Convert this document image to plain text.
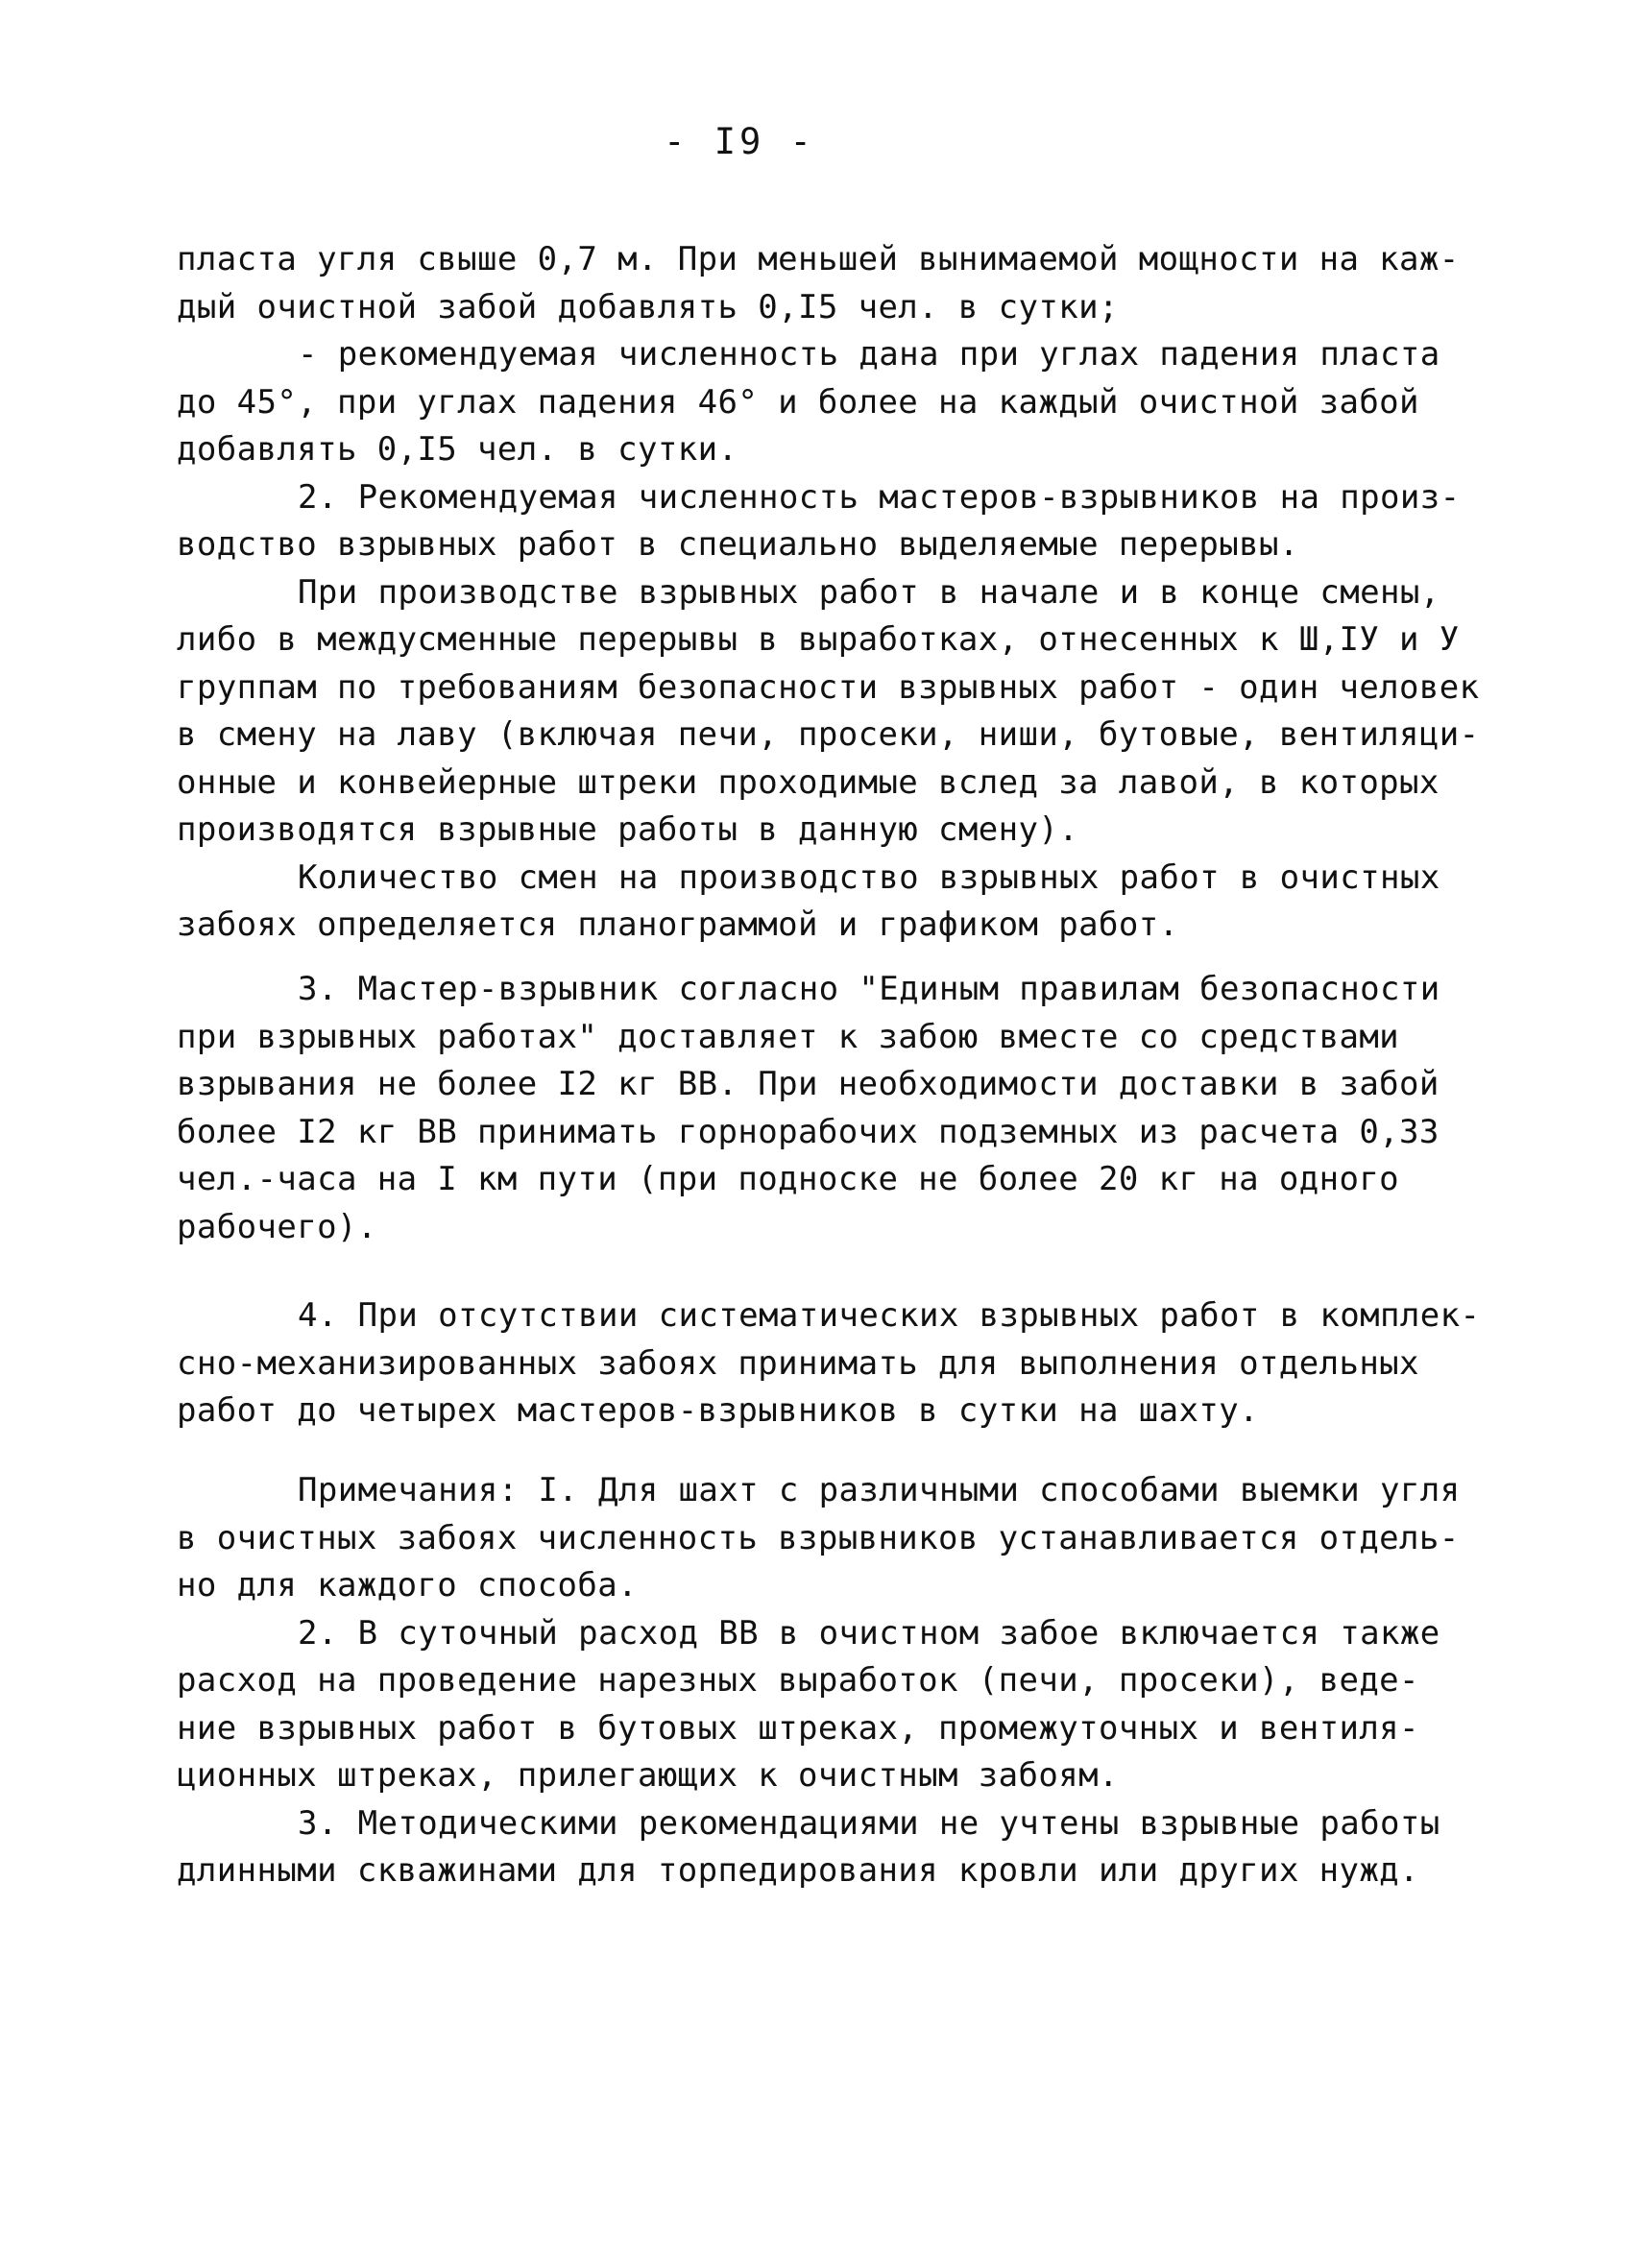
- I9 -
пласта угля свыше 0,7 м. При меньшей вынимаемой мощности на каж-
дый очистной забой добавлять 0,I5 чел. в сутки;
- рекомендуемая численность дана при углах падения пласта
до 45°, при углах падения 46° и более на каждый очистной забой
добавлять 0,I5 чел. в сутки.
2. Рекомендуемая численность мастеров-взрывников на произ-
водство взрывных работ в специально выделяемые перерывы.
При производстве взрывных работ в начале и в конце смены,
либо в междусменные перерывы в выработках, отнесенных к Ш,IУ и У
группам по требованиям безопасности взрывных работ - один человек
в смену на лаву (включая печи, просеки, ниши, бутовые, вентиляци-
онные и конвейерные штреки проходимые вслед за лавой, в которых
производятся взрывные работы в данную смену).
Количество смен на производство взрывных работ в очистных
забоях определяется планограммой и графиком работ.
3. Мастер-взрывник согласно "Единым правилам безопасности
при взрывных работах" доставляет к забою вместе со средствами
взрывания не более I2 кг ВВ. При необходимости доставки в забой
более I2 кг ВВ принимать горнорабочих подземных из расчета 0,33
чел.-часа на I км пути (при подноске не более 20 кг на одного
рабочего).
4. При отсутствии систематических взрывных работ в комплек-
сно-механизированных забоях принимать для выполнения отдельных
работ до четырех мастеров-взрывников в сутки на шахту.
Примечания: I. Для шахт с различными способами выемки угля
в очистных забоях численность взрывников устанавливается отдель-
но для каждого способа.
2. В суточный расход ВВ в очистном забое включается также
расход на проведение нарезных выработок (печи, просеки), веде-
ние взрывных работ в бутовых штреках, промежуточных и вентиля-
ционных штреках, прилегающих к очистным забоям.
3. Методическими рекомендациями не учтены взрывные работы
длинными скважинами для торпедирования кровли или других нужд.
